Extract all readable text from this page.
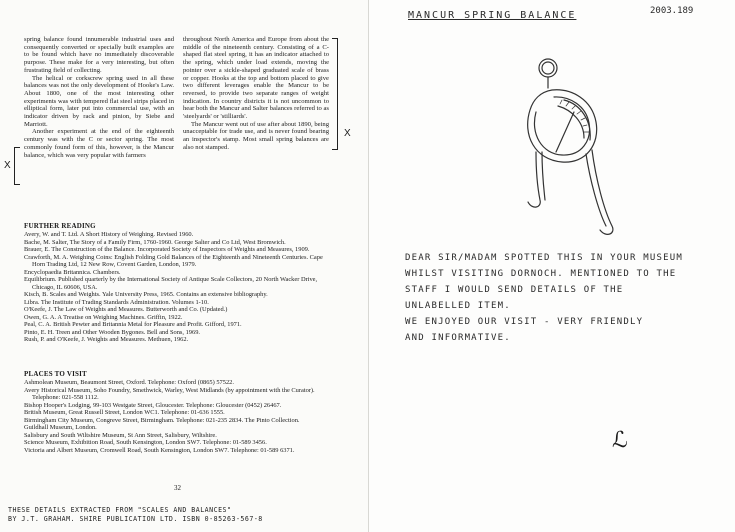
spring balance found innumerable industrial uses and consequently converted or specially built examples are to be found which have no immediately discoverable purpose. These make for a very interesting, but often frustrating field of collecting.

The helical or corkscrew spring used in all these balances was not the only development of Hooke's Law. About 1800, one of the most interesting other experiments was with tempered flat steel strips placed in elliptical form, later put into commercial use, with an indicator driven by rack and pinion, by Siebe and Marriott.

Another experiment at the end of the eighteenth century was with the C or sector spring. The most commonly found form of this, however, is the Mancur balance, which was very popular with farmers

throughout North America and Europe from about the middle of the nineteenth century. Consisting of a C-shaped flat steel spring, it has an indicator attached to the spring, which under load extends, moving the pointer over a sickle-shaped graduated scale of brass or copper. Hooks at the top and bottom placed to give two different leverages enable the Mancur to be reversed, to provide two separate ranges of weight indication. In country districts it is not uncommon to hear both the Mancur and Salter balances referred to as 'steelyards' or 'stilliards'.

The Mancur went out of use after about 1890, being unacceptable for trade use, and is never found bearing an inspector's stamp. Most small spring balances are also not stamped.

X
X
FURTHER READING
Avery, W. and T. Ltd. A Short History of Weighing. Revised 1960.
Bache, M. Salter, The Story of a Family Firm, 1760-1960. George Salter and Co Ltd, West Bromwich.
Brauer, E. The Construction of the Balance. Incorporated Society of Inspectors of Weights and Measures, 1909.
Crawforth, M. A. Weighing Coins: English Folding Gold Balances of the Eighteenth and Nineteenth Centuries. Cape Horn Trading Ltd, 12 New Row, Covent Garden, London, 1979.
Encyclopaedia Britannica. Chambers.
Equilibrium. Published quarterly by the International Society of Antique Scale Collectors, 20 North Wacker Drive, Chicago, IL 60606, USA.
Kisch, B. Scales and Weights. Yale University Press, 1965. Contains an extensive bibliography.
Libra. The Institute of Trading Standards Administration. Volumes 1-10.
O'Keefe, J. The Law of Weights and Measures. Butterworth and Co. (Updated.)
Owen, G. A. A Treatise on Weighing Machines. Griffin, 1922.
Peal, C. A. British Pewter and Britannia Metal for Pleasure and Profit. Gifford, 1971.
Pinto, E. H. Treen and Other Wooden Bygones. Bell and Sons, 1969.
Rush, P. and O'Keefe, J. Weights and Measures. Methuen, 1962.
PLACES TO VISIT
Ashmolean Museum, Beaumont Street, Oxford. Telephone: Oxford (0865) 57522.
Avery Historical Museum, Soho Foundry, Smethwick, Warley, West Midlands (by appointment with the Curator). Telephone: 021-558 1112.
Bishop Hooper's Lodging, 99-103 Westgate Street, Gloucester. Telephone: Gloucester (0452) 26467.
British Museum, Great Russell Street, London WC1. Telephone: 01-636 1555.
Birmingham City Museum, Congreve Street, Birmingham. Telephone: 021-235 2834. The Pinto Collection.
Guildhall Museum, London.
Salisbury and South Wiltshire Museum, St Ann Street, Salisbury, Wiltshire.
Science Museum, Exhibition Road, South Kensington, London SW7. Telephone: 01-589 3456.
Victoria and Albert Museum, Cromwell Road, South Kensington, London SW7. Telephone: 01-589 6371.
32
THESE DETAILS EXTRACTED FROM "SCALES AND BALANCES"
BY J.T. GRAHAM. SHIRE PUBLICATION LTD. ISBN 0-85263-567-8
MANCUR SPRING BALANCE	2003.189
DEAR SIR/MADAM SPOTTED THIS IN YOUR MUSEUM
WHILST VISITING DORNOCH. MENTIONED TO THE
STAFF I WOULD SEND DETAILS OF THE
UNLABELLED ITEM.
WE ENJOYED OUR VISIT - VERY FRIENDLY
AND INFORMATIVE.
ℒ
